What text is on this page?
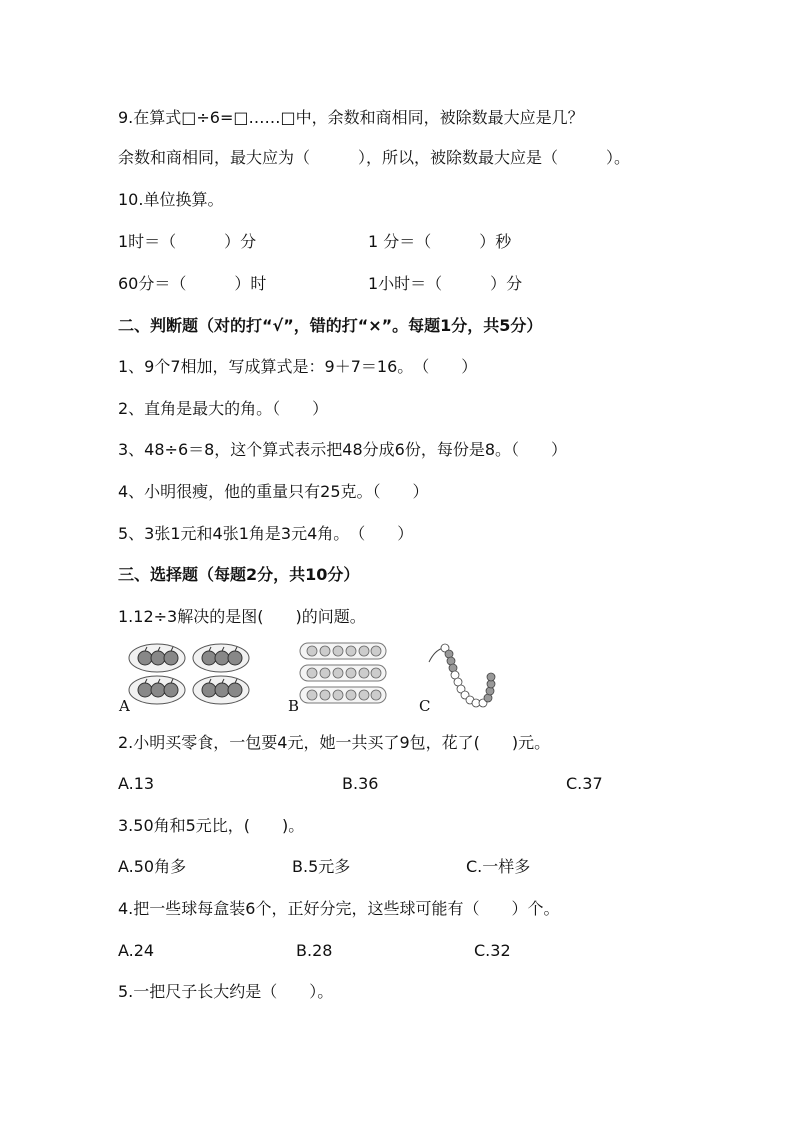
9.在算式□÷6=□……□中，余数和商相同，被除数最大应是几？
余数和商相同，最大应为（　　　），所以，被除数最大应是（　　　）。
10.单位换算。
1时＝（　　　）分	1 分＝（　　　）秒
60分＝（　　　）时	1小时＝（　　　）分
二、判断题（对的打“√”，错的打“×”。每题1分，共5分）
1、9个7相加，写成算式是：9＋7＝16。　（　　）
2、直角是最大的角。（　　）
3、48÷6＝8，这个算式表示把48分成6份，每份是8。（　　）
4、小明很瘦，他的重量只有25克。（　　）
5、3张1元和4张1角是3元4角。　（　　）
三、选择题（每题2分，共10分）
1.12÷3解决的是图(　　)的问题。
A	B	C
2.小明买零食，一包要4元，她一共买了9包，花了(　　)元。
A.13	B.36	C.37
3.50角和5元比，(　　)。
A.50角多	B.5元多	C.一样多
4.把一些球每盒装6个，正好分完，这些球可能有（　　）个。
A.24	B.28	C.32
5.一把尺子长大约是（　　）。
